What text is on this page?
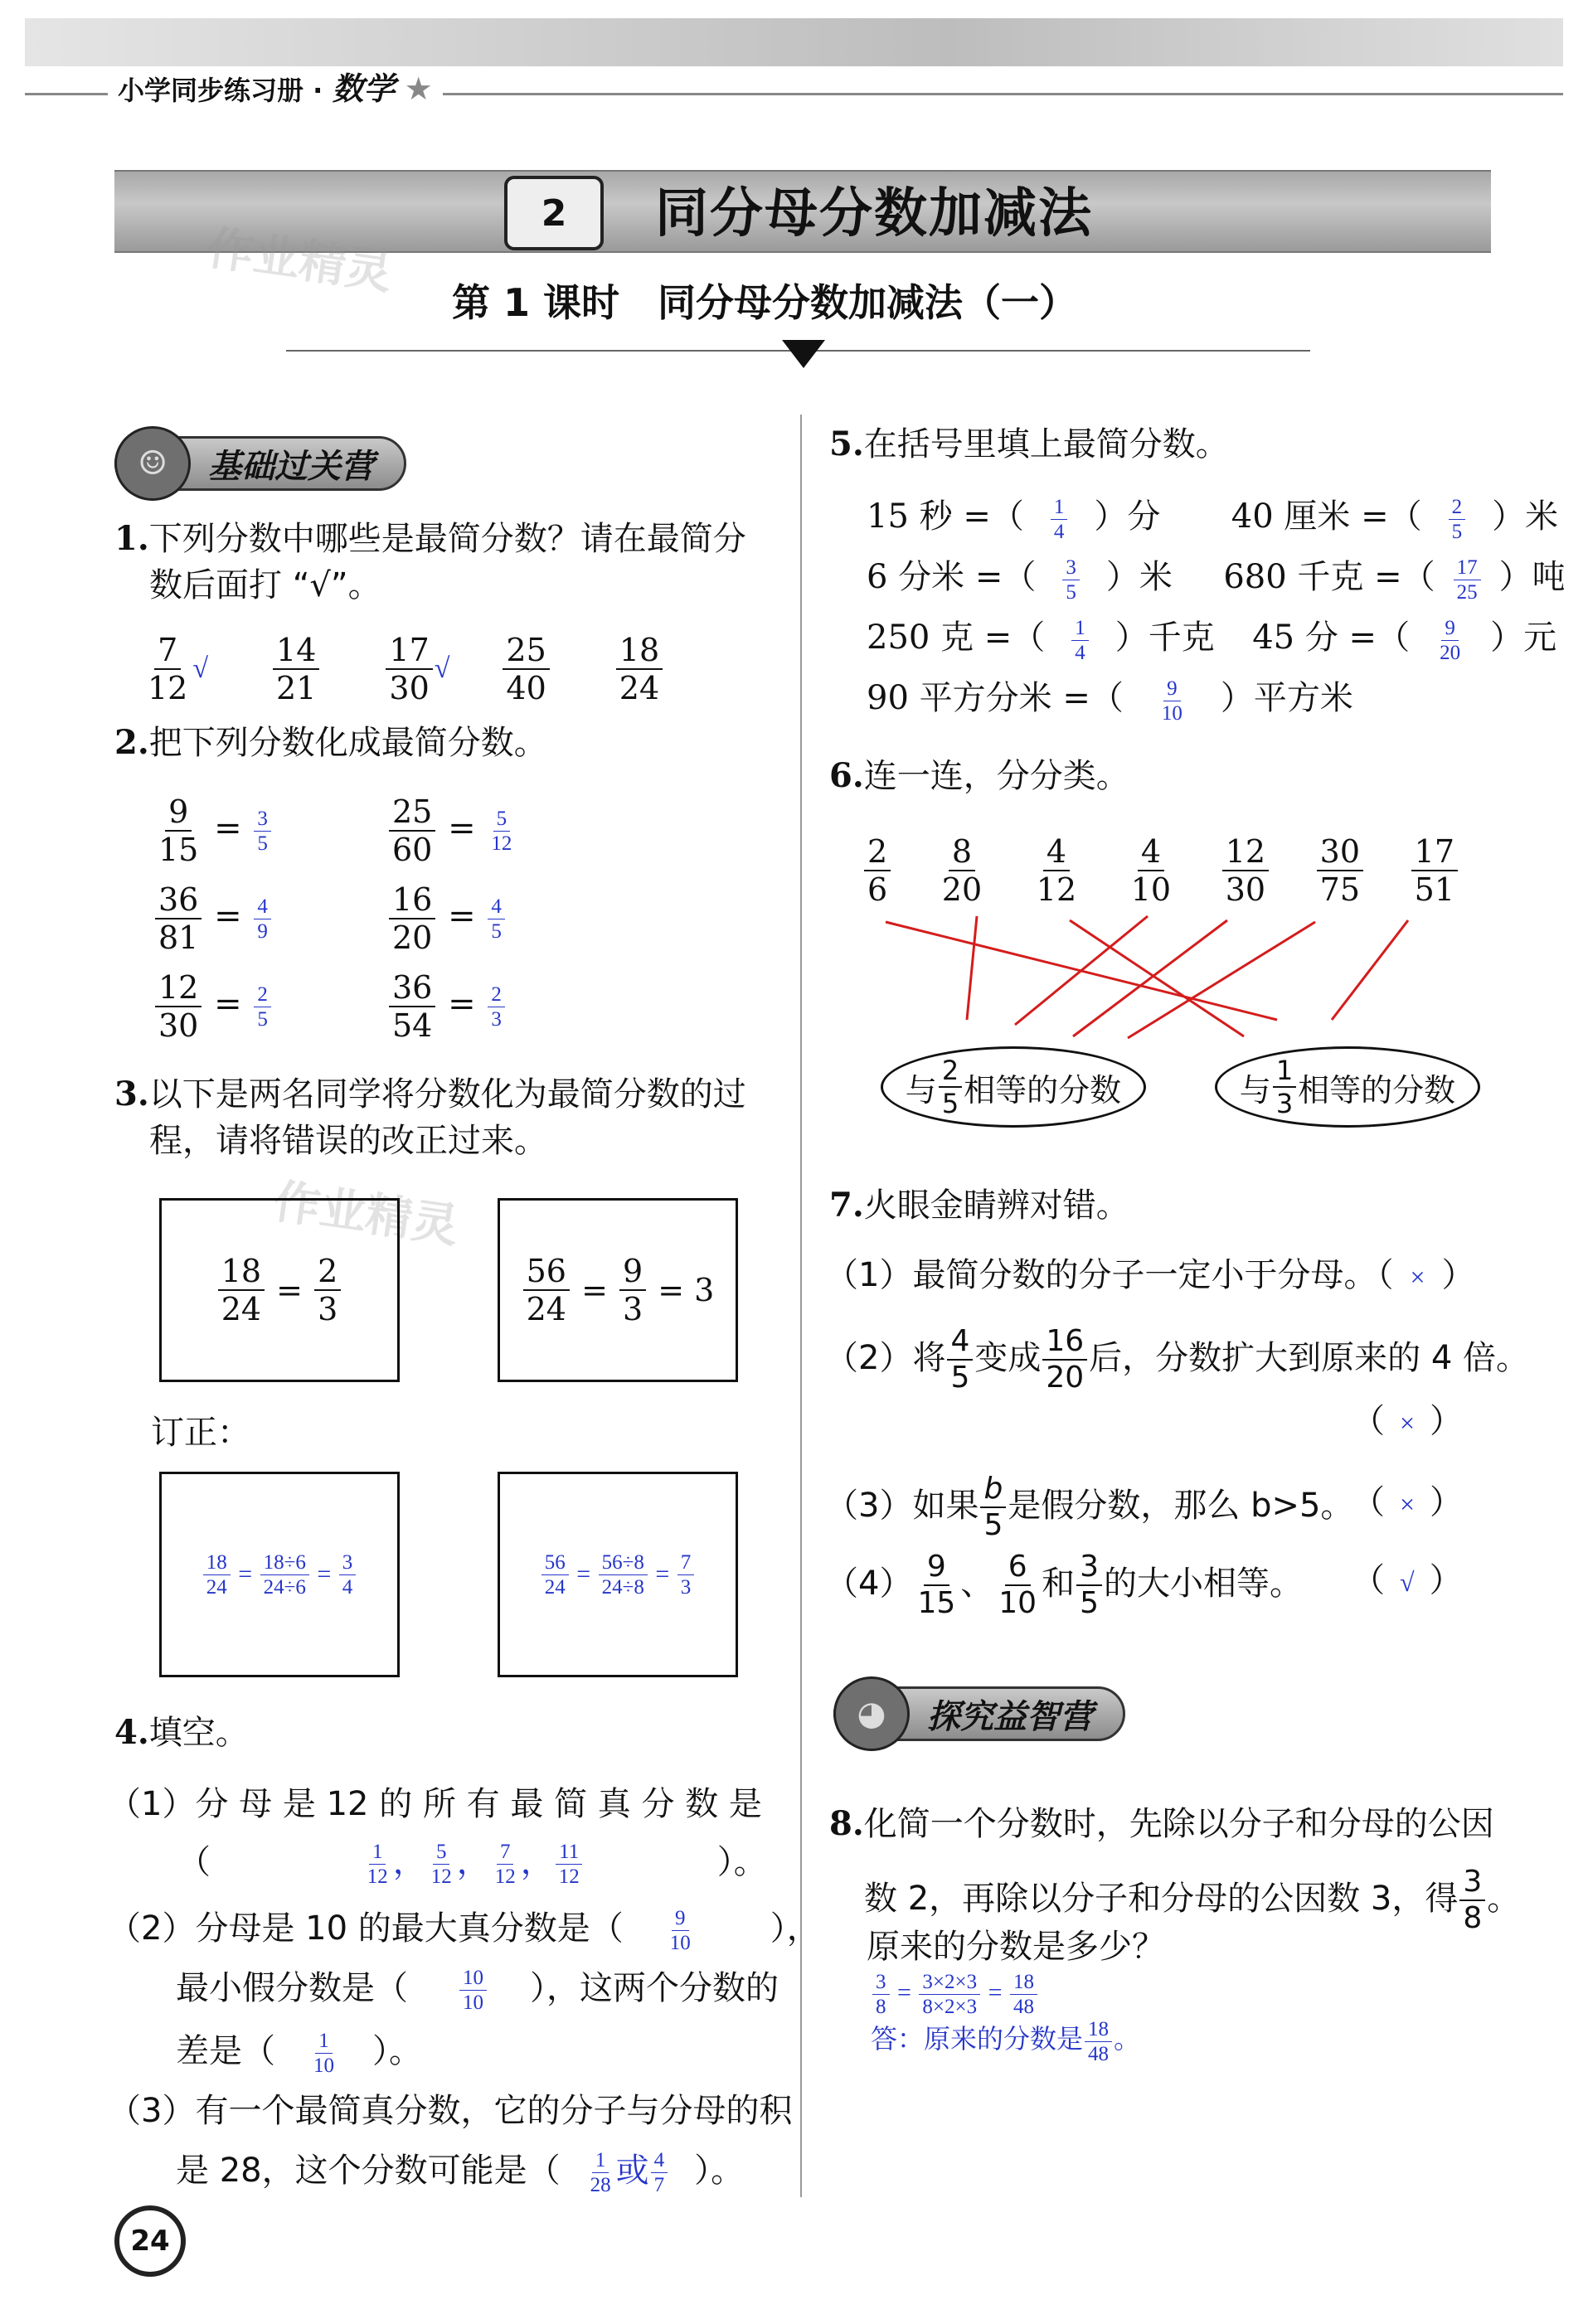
小学同步练习册 · 数学 ★
2	同分母分数加减法
第 1 课时　同分母分数加减法（一）
作业精灵
作业精灵
☺	基础过关营
1.下列分数中哪些是最简分数？请在最简分
数后面打 “√”。
$\frac{7}{12}$ √ $\frac{14}{21} \frac{17}{30}$ √ $\frac{25}{40} \frac{18}{24}$
2.把下列分数化成最简分数。
$\frac{9}{15} = \frac{3}{5}$	$\frac{25}{60} = \frac{5}{12}$
$\frac{36}{81} = \frac{4}{9}$	$\frac{16}{20} = \frac{4}{5}$
$\frac{12}{30} = \frac{2}{5}$	$\frac{36}{54} = \frac{2}{3}$
3.以下是两名同学将分数化为最简分数的过
程，请将错误的改正过来。
18
24
=
2
3
56
24
=
9
3
= 3
订正：
$\frac{18}{24} = \frac{18\div 6}{24\div 6} = \frac{3}{4}$	$\frac{56}{24} = \frac{56\div 8}{24\div 8} = \frac{7}{3}$
4.填空。
（1）分 母 是 12 的 所 有 最 简 真 分 数 是
（	$\frac{1}{12}$ ， $\frac{5}{12}$ ， $\frac{7}{12}$ ， $\frac{11}{12}$	）。
（2）分母是 10 的最大真分数是（ $\frac{9}{10}$ ），
最小假分数是（ $\frac{10}{10}$ ），这两个分数的
差是（ $\frac{1}{10}$ ）。
（3）有一个最简真分数，它的分子与分母的积
是 28，这个分数可能是（ $\frac{1}{28}$ 或 $\frac{4}{7}$ ）。
24
5.在括号里填上最简分数。
15 秒 =（ $\frac{1}{4}$ ）分 40 厘米 =（ $\frac{2}{5}$ ）米
6 分米 =（ $\frac{3}{5}$ ）米 680 千克 =（ $\frac{17}{25}$ ）吨
250 克 =（ $\frac{1}{4}$ ）千克 45 分 =（ $\frac{9}{20}$ ）元
90 平方分米 =（ $\frac{9}{10}$ ）平方米
6.连一连，分分类。
2
6
8
20
4
12
4
10
12
30
30
75
17
51
与
2
5 相等的分数	与
1
3 相等的分数
7.火眼金睛辨对错。
（1）最简分数的分子一定小于分母。（ × ）
（2）将 $\frac{4}{5}$ 变成 $\frac{16}{20}$ 后，分数扩大到原来的 4 倍。
（ × ）
（3）如果 $\frac{b}{5}$ 是假分数，那么 b>5。
（ × ）
$(4) \frac{9}{15}$ 、 $\frac{6}{10}$ 和 $\frac{3}{5}$ 的大小相等。 （ √ ）
◕	探究益智营
8.化简一个分数时，先除以分子和分母的公因
数 2，再除以分子和分母的公因数 3，得 $\frac{3}{8}$ 。
原来的分数是多少？
$\frac{3}{8} = \frac{3\times 2\times 3}{8\times 2\times 3} = \frac{18}{48}$
答：原来的分数是 $\frac{18}{48}$ 。
